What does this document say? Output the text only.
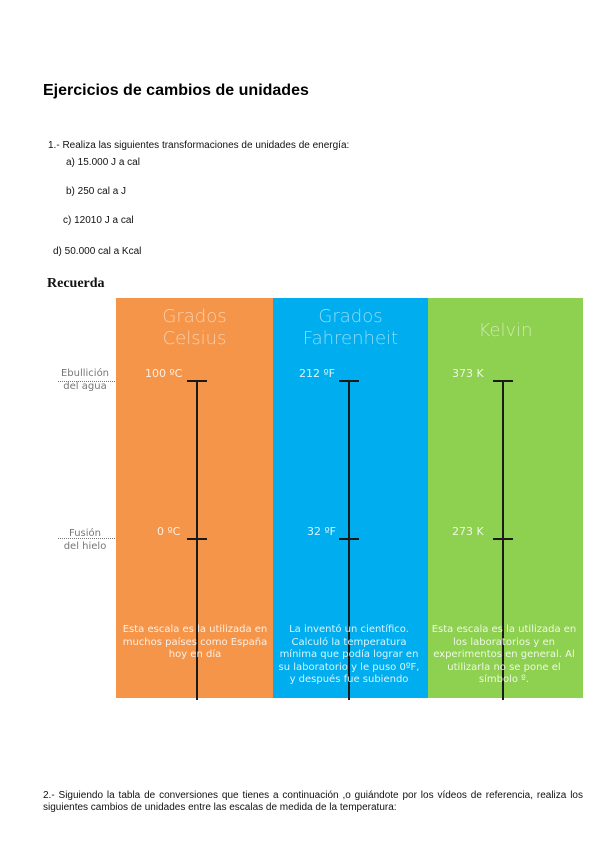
Ejercicios de cambios de unidades
1.- Realiza las siguientes transformaciones de unidades de energía:
a) 15.000 J a cal
b) 250 cal a J
c) 12010 J a cal
d) 50.000 cal a Kcal
Recuerda
Ebullición
del agua
Fusión
del hielo
Grados
Celsius
100 ºC
0 ºC
Grados
Fahrenheit
212 ºF
32 ºF
Kelvin
373 K
273 K
Esta escala es la utilizada en muchos países como España hoy en día
La inventó un científico. Calculó la temperatura mínima que podía lograr en su laboratorio y le puso 0ºF, y después fue subiendo
Esta escala es la utilizada en los laboratorios y en experimentos en general. Al utilizarla no se pone el símbolo º.
2.- Siguiendo la tabla de conversiones que tienes a continuación ,o guiándote por los vídeos de referencia, realiza los siguientes cambios de unidades entre las escalas de medida de la temperatura:
